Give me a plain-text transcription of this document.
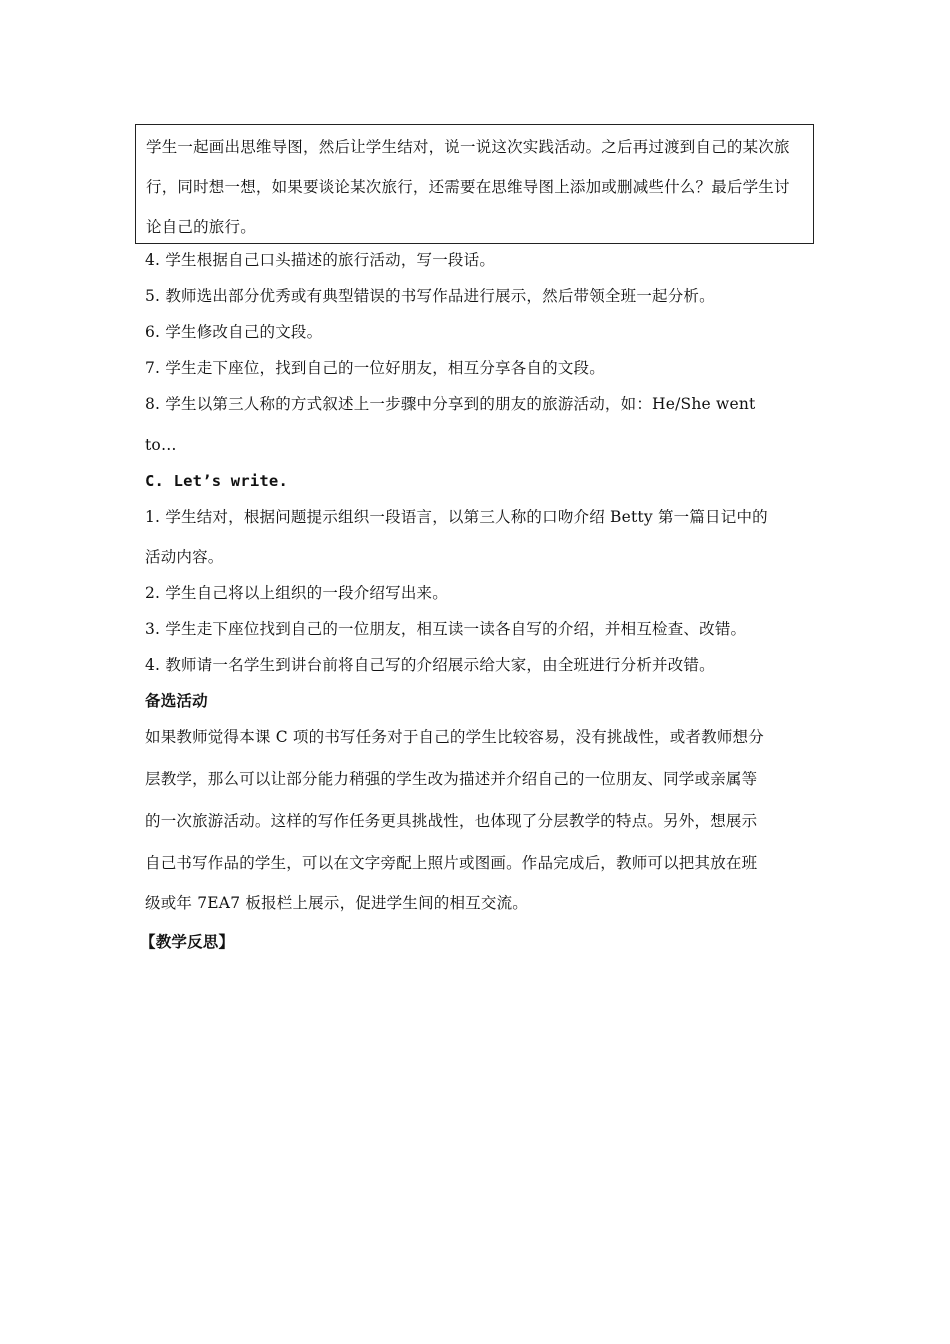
学生一起画出思维导图，然后让学生结对，说一说这次实践活动。之后再过渡到自己的某次旅行，同时想一想，如果要谈论某次旅行，还需要在思维导图上添加或删减些什么？最后学生讨论自己的旅行。
4. 学生根据自己口头描述的旅行活动，写一段话。
5. 教师选出部分优秀或有典型错误的书写作品进行展示，然后带领全班一起分析。
6. 学生修改自己的文段。
7. 学生走下座位，找到自己的一位好朋友，相互分享各自的文段。
8. 学生以第三人称的方式叙述上一步骤中分享到的朋友的旅游活动，如：He/She went
to…
C. Let’s write.
1. 学生结对，根据问题提示组织一段语言，以第三人称的口吻介绍 Betty 第一篇日记中的
活动内容。
2. 学生自己将以上组织的一段介绍写出来。
3. 学生走下座位找到自己的一位朋友，相互读一读各自写的介绍，并相互检查、改错。
4. 教师请一名学生到讲台前将自己写的介绍展示给大家，由全班进行分析并改错。
备选活动
如果教师觉得本课 C 项的书写任务对于自己的学生比较容易，没有挑战性，或者教师想分
层教学，那么可以让部分能力稍强的学生改为描述并介绍自己的一位朋友、同学或亲属等
的一次旅游活动。这样的写作任务更具挑战性，也体现了分层教学的特点。另外，想展示
自己书写作品的学生，可以在文字旁配上照片或图画。作品完成后，教师可以把其放在班
级或年 7EA7 板报栏上展示，促进学生间的相互交流。
【教学反思】
